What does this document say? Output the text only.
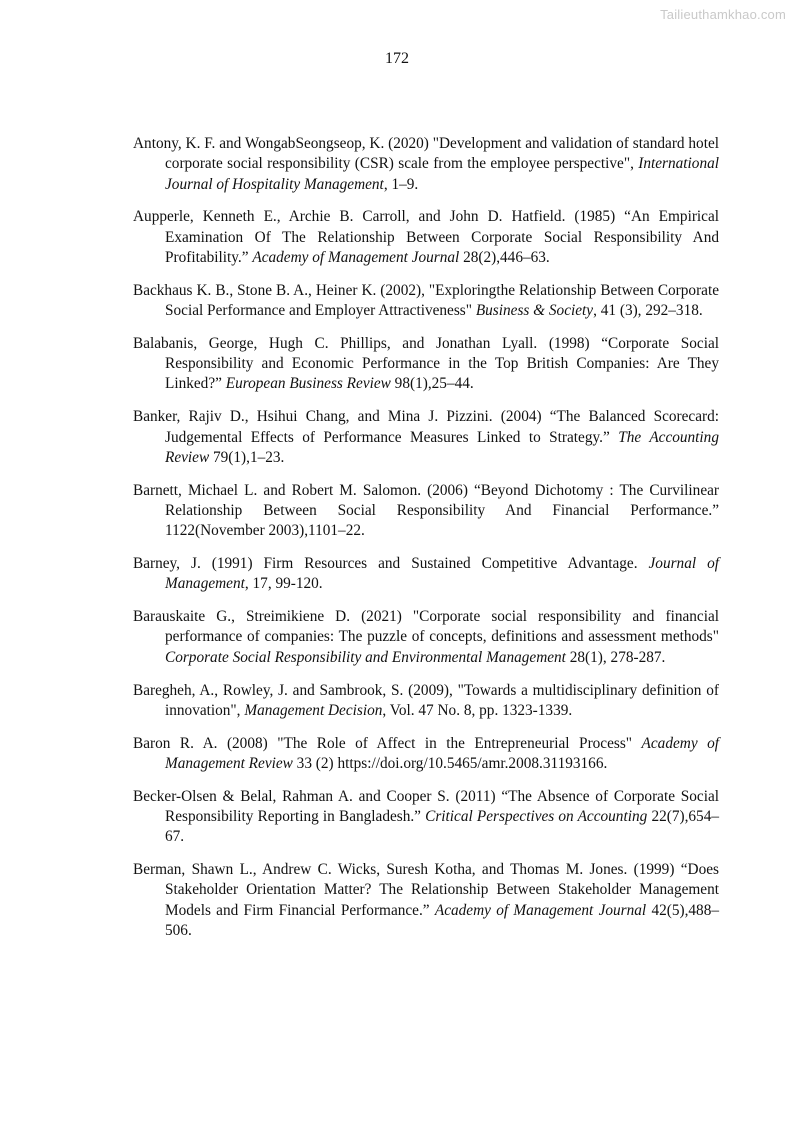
Tailieuthamkhao.com
172
Antony, K. F. and WongabSeongseop, K. (2020) "Development and validation of standard hotel corporate social responsibility (CSR) scale from the employee perspective", International Journal of Hospitality Management, 1–9.
Aupperle, Kenneth E., Archie B. Carroll, and John D. Hatfield. (1985) “An Empirical Examination Of The Relationship Between Corporate Social Responsibility And Profitability.” Academy of Management Journal 28(2),446–63.
Backhaus K. B., Stone B. A., Heiner K. (2002), "Exploringthe Relationship Between Corporate Social Performance and Employer Attractiveness" Business & Society, 41 (3), 292–318.
Balabanis, George, Hugh C. Phillips, and Jonathan Lyall. (1998) “Corporate Social Responsibility and Economic Performance in the Top British Companies: Are They Linked?” European Business Review 98(1),25–44.
Banker, Rajiv D., Hsihui Chang, and Mina J. Pizzini. (2004) “The Balanced Scorecard: Judgemental Effects of Performance Measures Linked to Strategy.” The Accounting Review 79(1),1–23.
Barnett, Michael L. and Robert M. Salomon. (2006) “Beyond Dichotomy : The Curvilinear Relationship Between Social Responsibility And Financial Performance.” 1122(November 2003),1101–22.
Barney, J. (1991) Firm Resources and Sustained Competitive Advantage. Journal of Management, 17, 99-120.
Barauskaite G., Streimikiene D. (2021) "Corporate social responsibility and financial performance of companies: The puzzle of concepts, definitions and assessment methods" Corporate Social Responsibility and Environmental Management 28(1), 278-287.
Baregheh, A., Rowley, J. and Sambrook, S. (2009), "Towards a multidisciplinary definition of innovation", Management Decision, Vol. 47 No. 8, pp. 1323-1339.
Baron R. A. (2008) "The Role of Affect in the Entrepreneurial Process" Academy of Management Review 33 (2) https://doi.org/10.5465/amr.2008.31193166.
Becker-Olsen & Belal, Rahman A. and Cooper S. (2011) “The Absence of Corporate Social Responsibility Reporting in Bangladesh.” Critical Perspectives on Accounting 22(7),654–67.
Berman, Shawn L., Andrew C. Wicks, Suresh Kotha, and Thomas M. Jones. (1999) “Does Stakeholder Orientation Matter? The Relationship Between Stakeholder Management Models and Firm Financial Performance.” Academy of Management Journal 42(5),488–506.
